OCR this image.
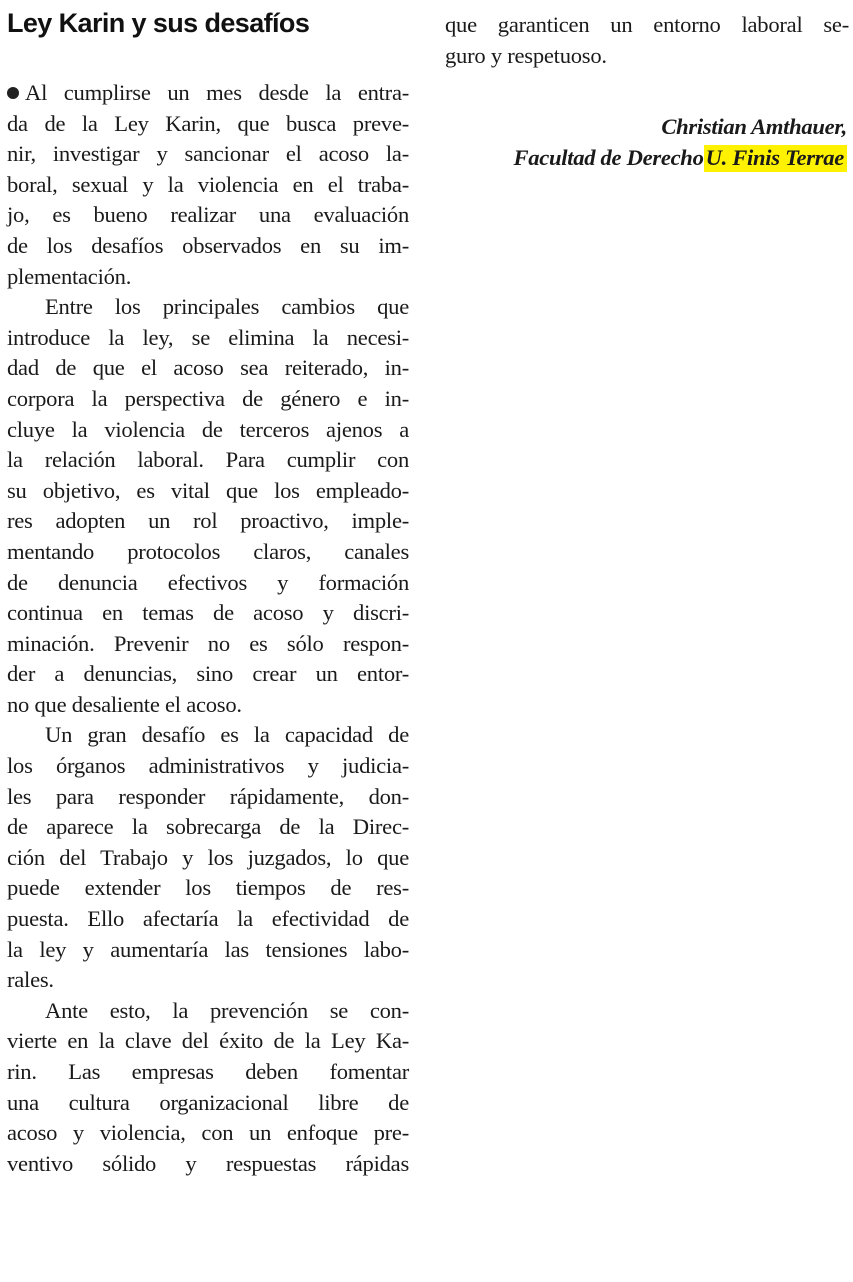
Ley Karin y sus desafíos
Al cumplirse un mes desde la entra-
da de la Ley Karin, que busca preve-
nir, investigar y sancionar el acoso la-
boral, sexual y la violencia en el traba-
jo, es bueno realizar una evaluación
de los desafíos observados en su im-
plementación.
Entre los principales cambios que
introduce la ley, se elimina la necesi-
dad de que el acoso sea reiterado, in-
corpora la perspectiva de género e in-
cluye la violencia de terceros ajenos a
la relación laboral. Para cumplir con
su objetivo, es vital que los empleado-
res adopten un rol proactivo, imple-
mentando protocolos claros, canales
de denuncia efectivos y formación
continua en temas de acoso y discri-
minación. Prevenir no es sólo respon-
der a denuncias, sino crear un entor-
no que desaliente el acoso.
Un gran desafío es la capacidad de
los órganos administrativos y judicia-
les para responder rápidamente, don-
de aparece la sobrecarga de la Direc-
ción del Trabajo y los juzgados, lo que
puede extender los tiempos de res-
puesta. Ello afectaría la efectividad de
la ley y aumentaría las tensiones labo-
rales.
Ante esto, la prevención se con-
vierte en la clave del éxito de la Ley Ka-
rin. Las empresas deben fomentar
una cultura organizacional libre de
acoso y violencia, con un enfoque pre-
ventivo sólido y respuestas rápidas
que garanticen un entorno laboral se-
guro y respetuoso.
Christian Amthauer,
Facultad de DerechoU. Finis Terrae
